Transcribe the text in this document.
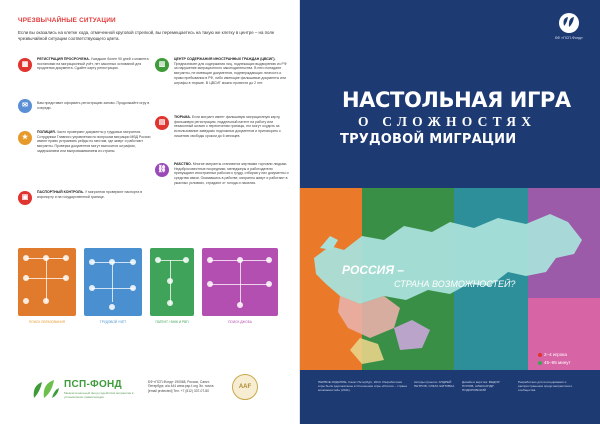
ЧРЕЗВЫЧАЙНЫЕ СИТУАЦИИ
Если вы оказались на клетке хода, отмеченной круговой стрелкой, вы перемещаетесь на такую же клетку в центре – на поле чрезвычайной ситуации соответствующего цвета.
▦
РЕГИСТРАЦИЯ ПРОСРОЧЕНА. Ушедшие более 90 дней с момента постановки на миграционный учёт, нет законных оснований для продления документа. Сдайте карту регистрации.
▥
ЦЕНТР СОДЕРЖАНИЯ ИНОСТРАННЫХ ГРАЖДАН (ЦВСИГ). Предназначен для содержания лиц, подлежащих выдворению из РФ за нарушение миграционного законодательства. В него попадают мигранты, не имеющие документов, подтверждающих личность и право пребывания в РФ, либо имеющие фальшивые документы или штрафы в тюрьме. В ЦВСИГ можно провести до 2 лет.
✉	Вам представят оформить регистрацию заново. Продолжайте игру в очереди.
▤
ТЮРЬМА. Если мигрант имеет фальшивую миграционную карту, фальшивую регистрацию, поддельный патент на работу или незаконный штамп о пересечении границы, его могут осудить за использование заведомо подложных документов и приговорить к лишению свободы сроком до 6 месяцев.
★
ПОЛИЦИЯ. Часто проверяют документы у трудовых мигрантов. Сотрудники Главного управления по вопросам миграции МВД России имеют право устраивать рейды по местам, где живут и работают мигранты. Проверка документов могут выносится штрафом, задержанием или выпроваживанием из страны.
⛓
РАБСТВО. Многие мигранты становятся жертвами торговли людьми. Недобросовестные посредники, менеджеры и работодатели принуждают иностранных рабочих к труду, отбирая у них документы и средства связи. Оказавшись в рабстве, мигранты живут и работают в ужасных условиях, страдают от голода и насилия.
▣
ПАСПОРТНЫЙ КОНТРОЛЬ. У мигрантов проверяют паспорта в аэропорту и на государственной границе.
ПОИСК ОБРАЗОВАНИЯ	ТРУДОВОЙ УЧЁТ	ПАТЕНТ / ВНЖ И РВП	ПОИСК ДЖОБА
ПСП-ФОНД
Межрегиональный фонд содействия мигрантам в установлении правопорядка
БФ «ПСП-Фонд» 190068, Россия, Санкт-Петербург, а/я 444 www.psp-f.org Эл. почта: [email protected] Тел. +7 (812) 337-07-80
ААF
БФ «ПСП-Фонд»
НАСТОЛЬНАЯ ИГРА
О СЛОЖНОСТЯХ
ТРУДОВОЙ МИГРАЦИИ
РОССИЯ –
СТРАНА ВОЗМОЖНОСТЕЙ?
2–4 игрока
45–95 минут
ПЕРВОЕ ИЗДАНИЕ, Санкт-Петербург, 2014. Разработчики игры были вдохновлены в Отношении игры «Россия – страна возможностей» (2011).
Авторы проекта: АНДРЕЙ ПЕТРОВ, ОЛЬГА ЖИТОВКА
Дизайн и верстка: ФЕДОР ПОПОВ, АЛЕКСАНДР ПОДОРОВСКИЙ
Разработано для исследования и распространения среди мигрантского сообщества
